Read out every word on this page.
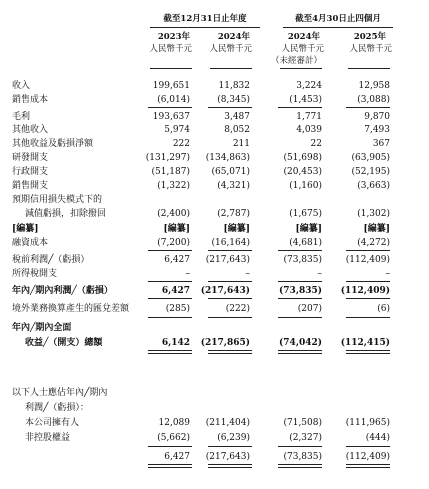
截至12月31日止年度	截至4月30日止四個月
2023年	2024年	2024年	2025年
人民幣千元	人民幣千元	人民幣千元	人民幣千元
（未經審計）
收入	199,651	11,832	3,224	12,958
銷售成本	(6,014)	(8,345)	(1,453)	(3,088)
毛利	193,637	3,487	1,771	9,870
其他收入	5,974	8,052	4,039	7,493
其他收益及虧損淨額	222	211	22	367
研發開支	(131,297)	(134,863)	(51,698)	(63,905)
行政開支	(51,187)	(65,071)	(20,453)	(52,195)
銷售開支	(1,322)	(4,321)	(1,160)	(3,663)
預期信用損失模式下的
減值虧損，扣除撥回	(2,400)	(2,787)	(1,675)	(1,302)
[編纂]	[編纂]	[編纂]	[編纂]	[編纂]
融資成本	(7,200)	(16,164)	(4,681)	(4,272)
稅前利潤╱（虧損）	6,427	(217,643)	(73,835)	(112,409)
所得稅開支	–	–	–	–
年內╱期內利潤╱（虧損）	6,427	(217,643)	(73,835)	(112,409)
境外業務換算產生的匯兌差額	(285)	(222)	(207)	(6)
年內╱期內全面
收益╱（開支）總額	6,142	(217,865)	(74,042)	(112,415)
以下人士應佔年內╱期內
利潤╱（虧損）：
本公司擁有人	12,089	(211,404)	(71,508)	(111,965)
非控股權益	(5,662)	(6,239)	(2,327)	(444)
6,427	(217,643)	(73,835)	(112,409)
